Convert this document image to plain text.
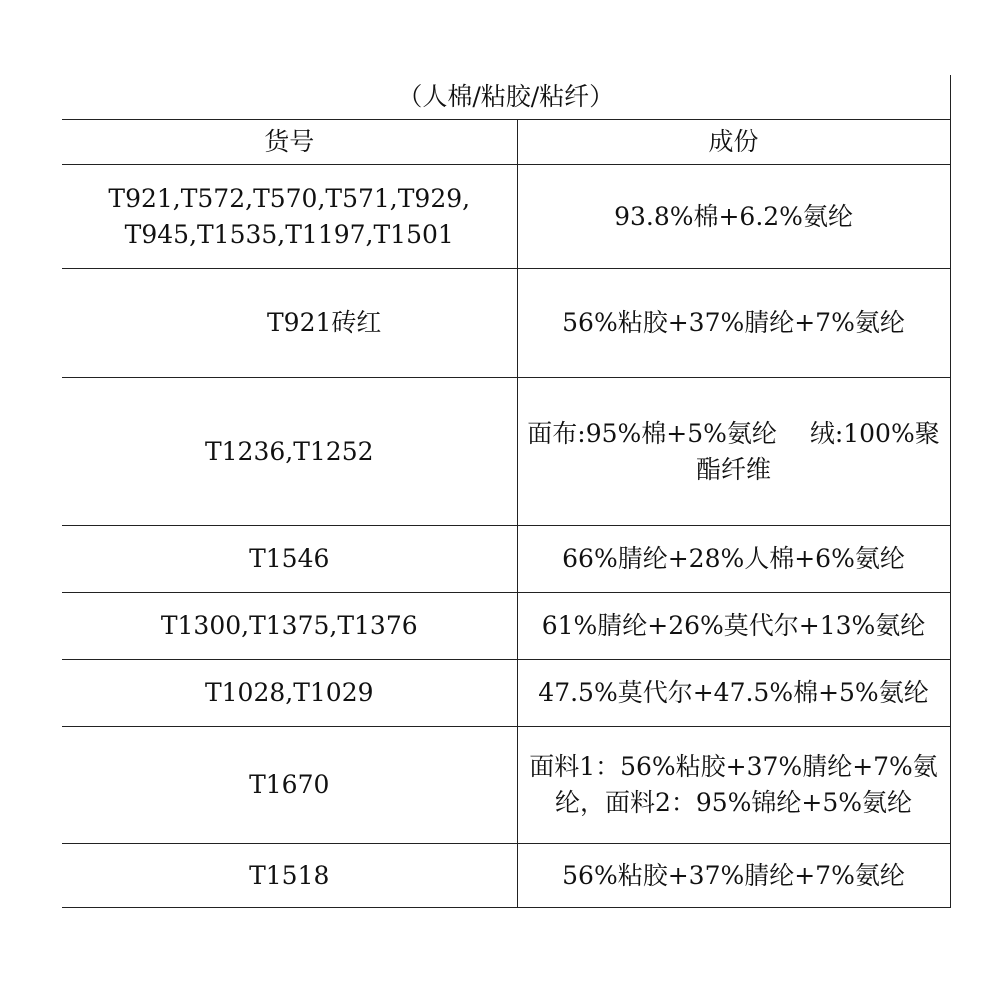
（人棉/粘胶/粘纤）	
货号	成份
T921,T572,T570,T571,T929,
T945,T1535,T1197,T1501	93.8%棉+6.2%氨纶
T921砖红	56%粘胶+37%腈纶+7%氨纶
T1236,T1252	面布:95%棉+5%氨纶　 绒:100%聚
酯纤维
T1546	66%腈纶+28%人棉+6%氨纶
T1300,T1375,T1376	61%腈纶+26%莫代尔+13%氨纶
T1028,T1029	47.5%莫代尔+47.5%棉+5%氨纶
T1670	面料1：56%粘胶+37%腈纶+7%氨
纶，面料2：95%锦纶+5%氨纶
T1518	56%粘胶+37%腈纶+7%氨纶
